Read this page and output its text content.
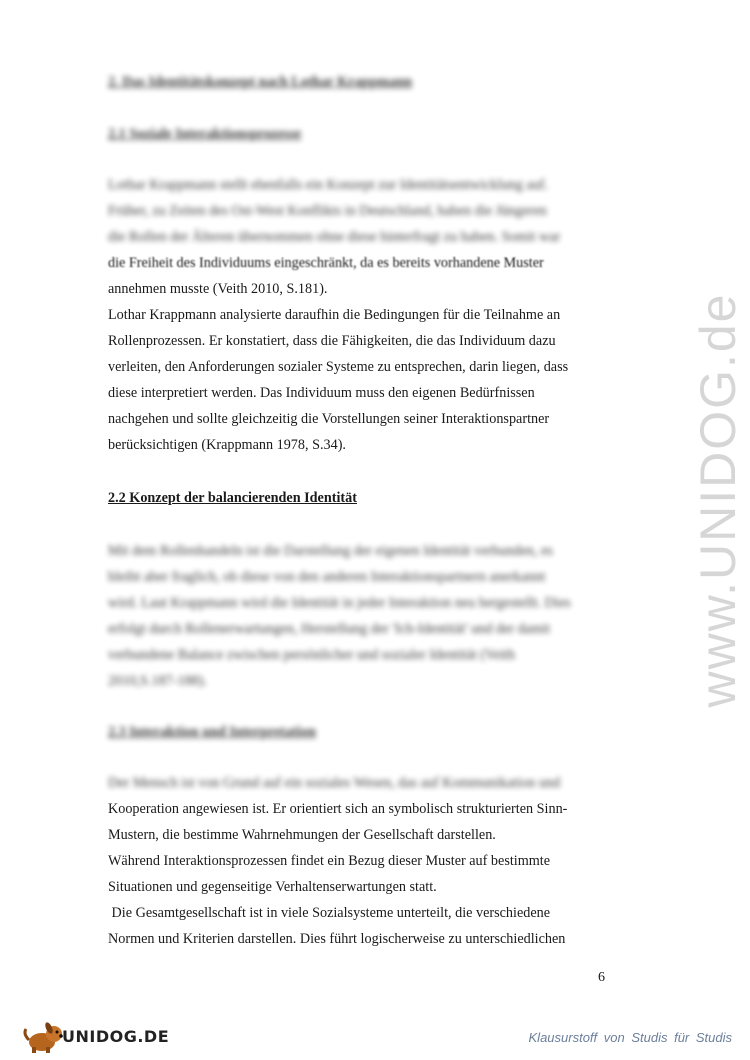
www.UNIDOG.de

2. Das Identitätskonzept nach Lothar Krappmann

2.1 Soziale Interaktionsprozesse

Lothar Krappmann stellt ebenfalls ein Konzept zur Identitätsentwicklung auf.

Früher, zu Zeiten des Ost-West Konflikts in Deutschland, haben die Jüngeren

die Rollen der Älteren übernommen ohne diese hinterfragt zu haben. Somit war

die Freiheit des Individuums eingeschränkt, da es bereits vorhandene Muster

annehmen musste (Veith 2010, S.181).

Lothar Krappmann analysierte daraufhin die Bedingungen für die Teilnahme an

Rollenprozessen. Er konstatiert, dass die Fähigkeiten, die das Individuum dazu

verleiten, den Anforderungen sozialer Systeme zu entsprechen, darin liegen, dass

diese interpretiert werden. Das Individuum muss den eigenen Bedürfnissen

nachgehen und sollte gleichzeitig die Vorstellungen seiner Interaktionspartner

berücksichtigen (Krappmann 1978, S.34).

2.2 Konzept der balancierenden Identität

Mit dem Rollenhandeln ist die Darstellung der eigenen Identität verbunden, es

bleibt aber fraglich, ob diese von den anderen Interaktionspartnern anerkannt

wird. Laut Krappmann wird die Identität in jeder Interaktion neu hergestellt. Dies

erfolgt durch Rollenerwartungen, Herstellung der 'Ich-Identität' und der damit

verbundene Balance zwischen persönlicher und sozialer Identität (Veith

2010,S.187-188).

2.3 Interaktion und Interpretation

Der Mensch ist von Grund auf ein soziales Wesen, das auf Kommunikation und

Kooperation angewiesen ist. Er orientiert sich an symbolisch strukturierten Sinn-

Mustern, die bestimme Wahrnehmungen der Gesellschaft darstellen.

Während Interaktionsprozessen findet ein Bezug dieser Muster auf bestimmte

Situationen und gegenseitige Verhaltenserwartungen statt.

Die Gesamtgesellschaft ist in viele Sozialsysteme unterteilt, die verschiedene

Normen und Kriterien darstellen. Dies führt logischerweise zu unterschiedlichen

6
UNIDOG.DE	Klausurstoff von Studis für Studis
